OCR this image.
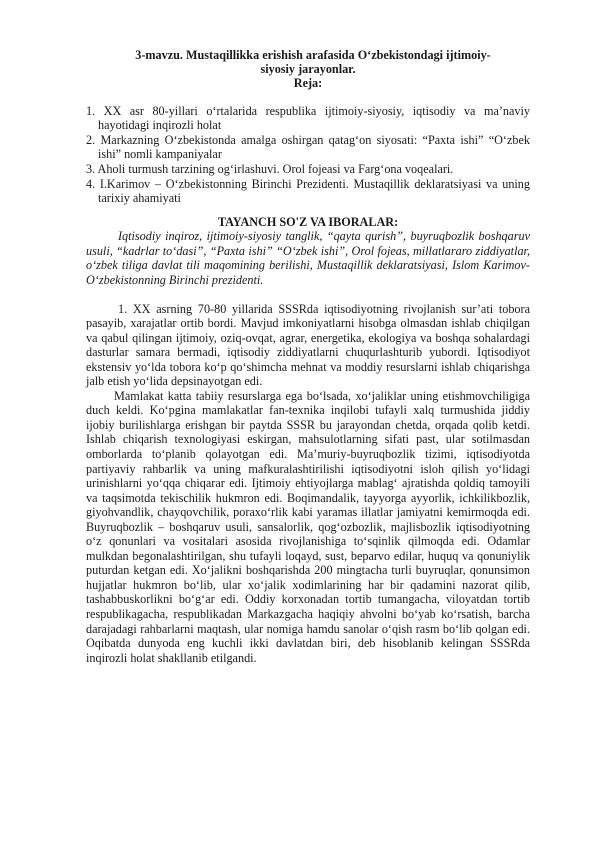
3-mavzu. Mustaqillikka erishish arafasida O‘zbekistondagi ijtimoiy-
siyosiy jarayonlar.
Reja:
1. XX asr 80-yillari o‘rtalarida respublika ijtimoiy-siyosiy, iqtisodiy va ma’naviy hayotidagi inqirozli holat
2. Markazning O‘zbekistonda amalga oshirgan qatag‘on siyosati: “Paxta ishi” “O‘zbek ishi” nomli kampaniyalar
3. Aholi turmush tarzining og‘irlashuvi. Orol fojeasi va Farg‘ona voqealari.
4. I.Karimov – O‘zbekistonning Birinchi Prezidenti. Mustaqillik deklaratsiyasi va uning tarixiy ahamiyati
TAYANCH SO'Z VA IBORALAR:

Iqtisodiy inqiroz, ijtimoiy-siyosiy tanglik, “qayta qurish”, buyruqbozlik boshqaruv usuli, “kadrlar to‘dasi”, “Paxta ishi” “O‘zbek ishi”, Orol fojeas, millatlararo ziddiyatlar, o‘zbek tiliga davlat tili maqomining berilishi, Mustaqillik deklaratsiyasi, Islom Karimov-O‘zbekistonning Birinchi prezidenti.

1. XX asrning 70-80 yillarida SSSRda iqtisodiyotning rivojlanish sur’ati tobora pasayib, xarajatlar ortib bordi. Mavjud imkoniyatlarni hisobga olmasdan ishlab chiqilgan va qabul qilingan ijtimoiy, oziq-ovqat, agrar, energetika, ekologiya va boshqa sohalardagi dasturlar samara bermadi, iqtisodiy ziddiyatlarni chuqurlashturib yubordi. Iqtisodiyot ekstensiv yo‘lda tobora ko‘p qo‘shimcha mehnat va moddiy resurslarni ishlab chiqarishga jalb etish yo‘lida depsinayotgan edi.

Mamlakat katta tabiiy resurslarga ega bo‘lsada, xo‘jaliklar uning etishmovchiligiga duch keldi. Ko‘pgina mamlakatlar fan-texnika inqilobi tufayli xalq turmushida jiddiy ijobiy burilishlarga erishgan bir paytda SSSR bu jarayondan chetda, orqada qolib ketdi. Ishlab chiqarish texnologiyasi eskirgan, mahsulotlarning sifati past, ular sotilmasdan omborlarda to‘planib qolayotgan edi. Ma’muriy-buyruqbozlik tizimi, iqtisodiyotda partiyaviy rahbarlik va uning mafkuralashtirilishi iqtisodiyotni isloh qilish yo‘lidagi urinishlarni yo‘qqa chiqarar edi. Ijtimoiy ehtiyojlarga mablag‘ ajratishda qoldiq tamoyili va taqsimotda tekischilik hukmron edi. Boqimandalik, tayyorga ayyorlik, ichkilikbozlik, giyohvandlik, chayqovchilik, poraxo‘rlik kabi yaramas illatlar jamiyatni kemirmoqda edi. Buyruqbozlik – boshqaruv usuli, sansalorlik, qog‘ozbozlik, majlisbozlik iqtisodiyotning o‘z qonunlari va vositalari asosida rivojlanishiga to‘sqinlik qilmoqda edi. Odamlar mulkdan begonalashtirilgan, shu tufayli loqayd, sust, beparvo edilar, huquq va qonuniylik puturdan ketgan edi. Xo‘jalikni boshqarishda 200 mingtacha turli buyruqlar, qonunsimon hujjatlar hukmron bo‘lib, ular xo‘jalik xodimlarining har bir qadamini nazorat qilib, tashabbuskorlikni bo‘g‘ar edi. Oddiy korxonadan tortib tumangacha, viloyatdan tortib respublikagacha, respublikadan Markazgacha haqiqiy ahvolni bo‘yab ko‘rsatish, barcha darajadagi rahbarlarni maqtash, ular nomiga hamdu sanolar o‘qish rasm bo‘lib qolgan edi. Oqibatda dunyoda eng kuchli ikki davlatdan biri, deb hisoblanib kelingan SSSRda inqirozli holat shakllanib etilgandi.
